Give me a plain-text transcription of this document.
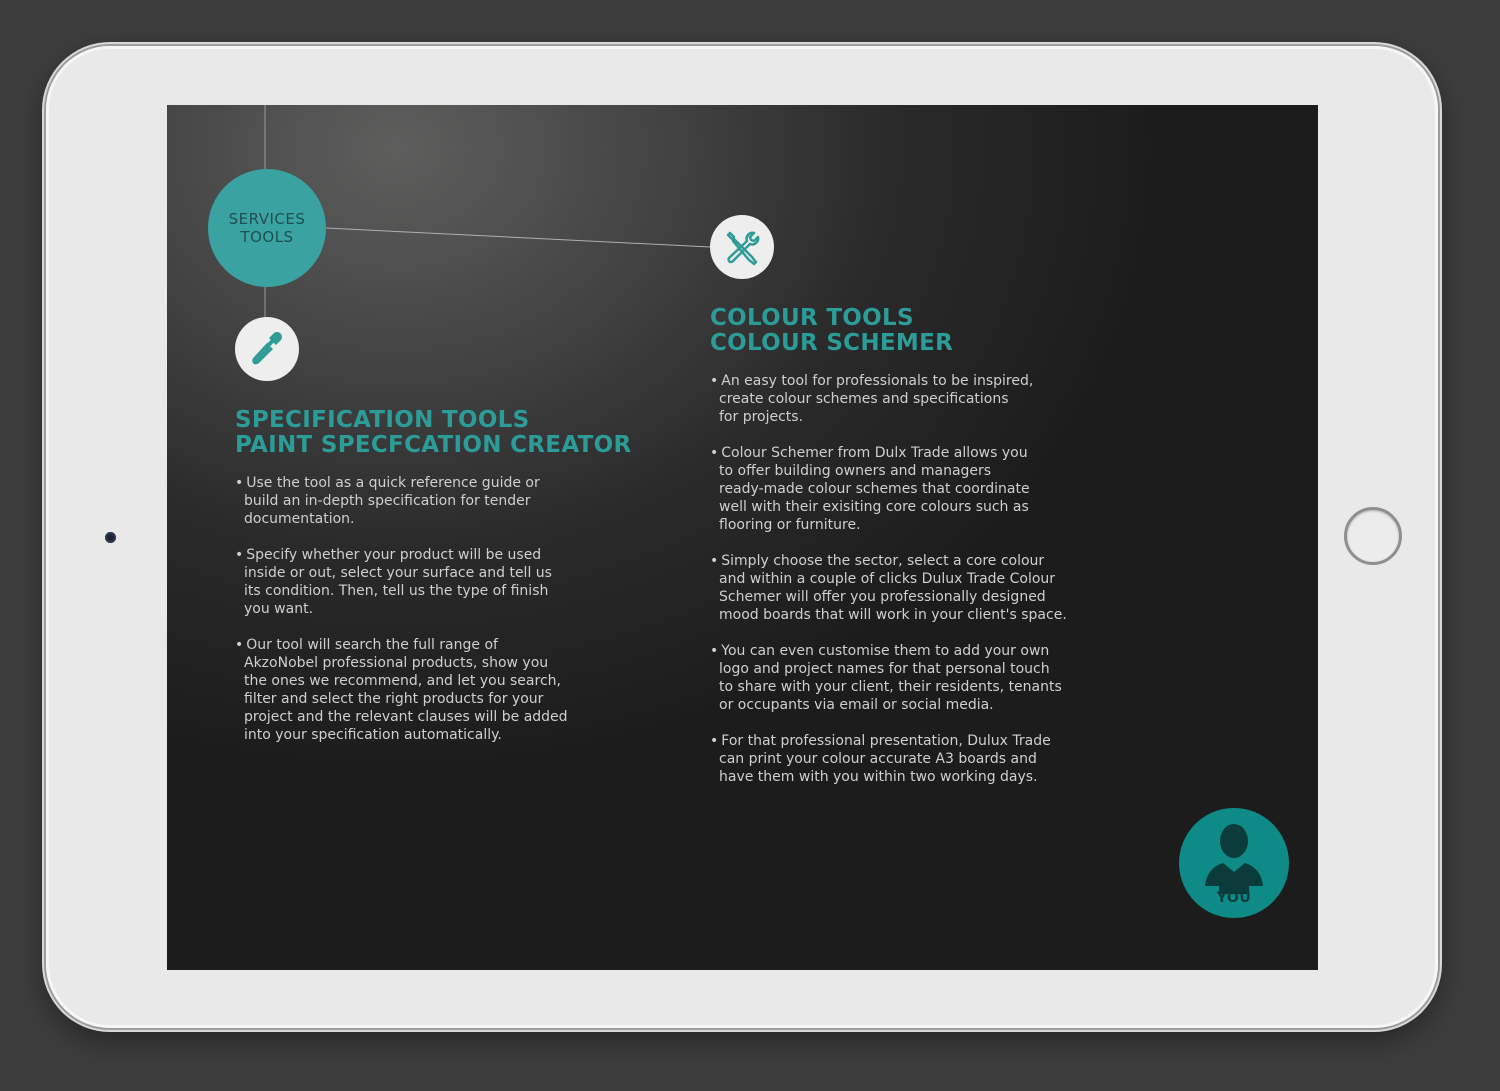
SERVICES
TOOLS
SPECIFICATION TOOLS
PAINT SPECFCATION CREATOR
• Use the tool as a quick reference guide or
build an in-depth specification for tender
documentation.
• Specify whether your product will be used
inside or out, select your surface and tell us
its condition. Then, tell us the type of finish
you want.
• Our tool will search the full range of
AkzoNobel professional products, show you
the ones we recommend, and let you search,
filter and select the right products for your
project and the relevant clauses will be added
into your specification automatically.
COLOUR TOOLS
COLOUR SCHEMER
• An easy tool for professionals to be inspired,
create colour schemes and specifications
for projects.
• Colour Schemer from Dulx Trade allows you
to offer building owners and managers
ready-made colour schemes that coordinate
well with their exisiting core colours such as
flooring or furniture.
• Simply choose the sector, select a core colour
and within a couple of clicks Dulux Trade Colour
Schemer will offer you professionally designed
mood boards that will work in your client's space.
• You can even customise them to add your own
logo and project names for that personal touch
to share with your client, their residents, tenants
or occupants via email or social media.
• For that professional presentation, Dulux Trade
can print your colour accurate A3 boards and
have them with you within two working days.
YOU
